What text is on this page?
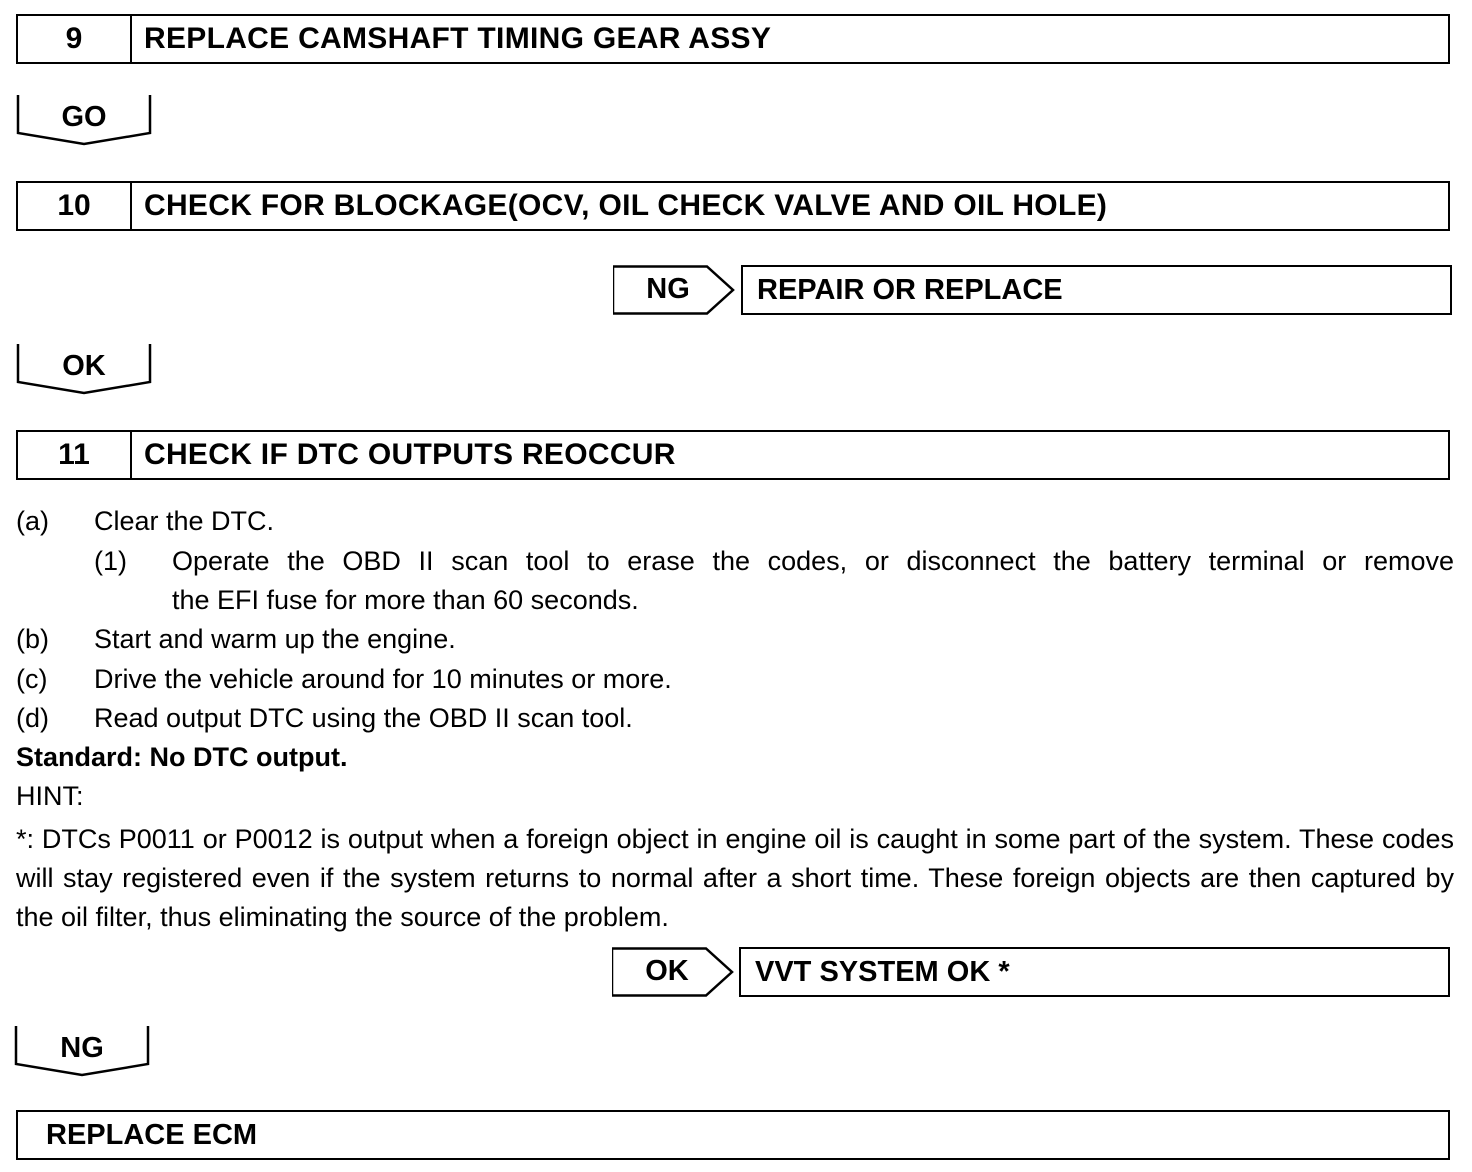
9	REPLACE CAMSHAFT TIMING GEAR ASSY
GO
10	CHECK FOR BLOCKAGE(OCV, OIL CHECK VALVE AND OIL HOLE)
NG	REPAIR OR REPLACE
OK
11	CHECK IF DTC OUTPUTS REOCCUR
(a) Clear the DTC.
(1) Operate the OBD II scan tool to erase the codes, or disconnect the battery terminal or remove
the EFI fuse for more than 60 seconds.
(b) Start and warm up the engine.
(c) Drive the vehicle around for 10 minutes or more.
(d) Read output DTC using the OBD II scan tool.
Standard: No DTC output.
HINT:
*: DTCs P0011 or P0012 is output when a foreign object in engine oil is caught in some part of the system. These codes will stay registered even if the system returns to normal after a short time. These foreign objects are then captured by the oil filter, thus eliminating the source of the problem.
OK	VVT SYSTEM OK *
NG
REPLACE ECM
